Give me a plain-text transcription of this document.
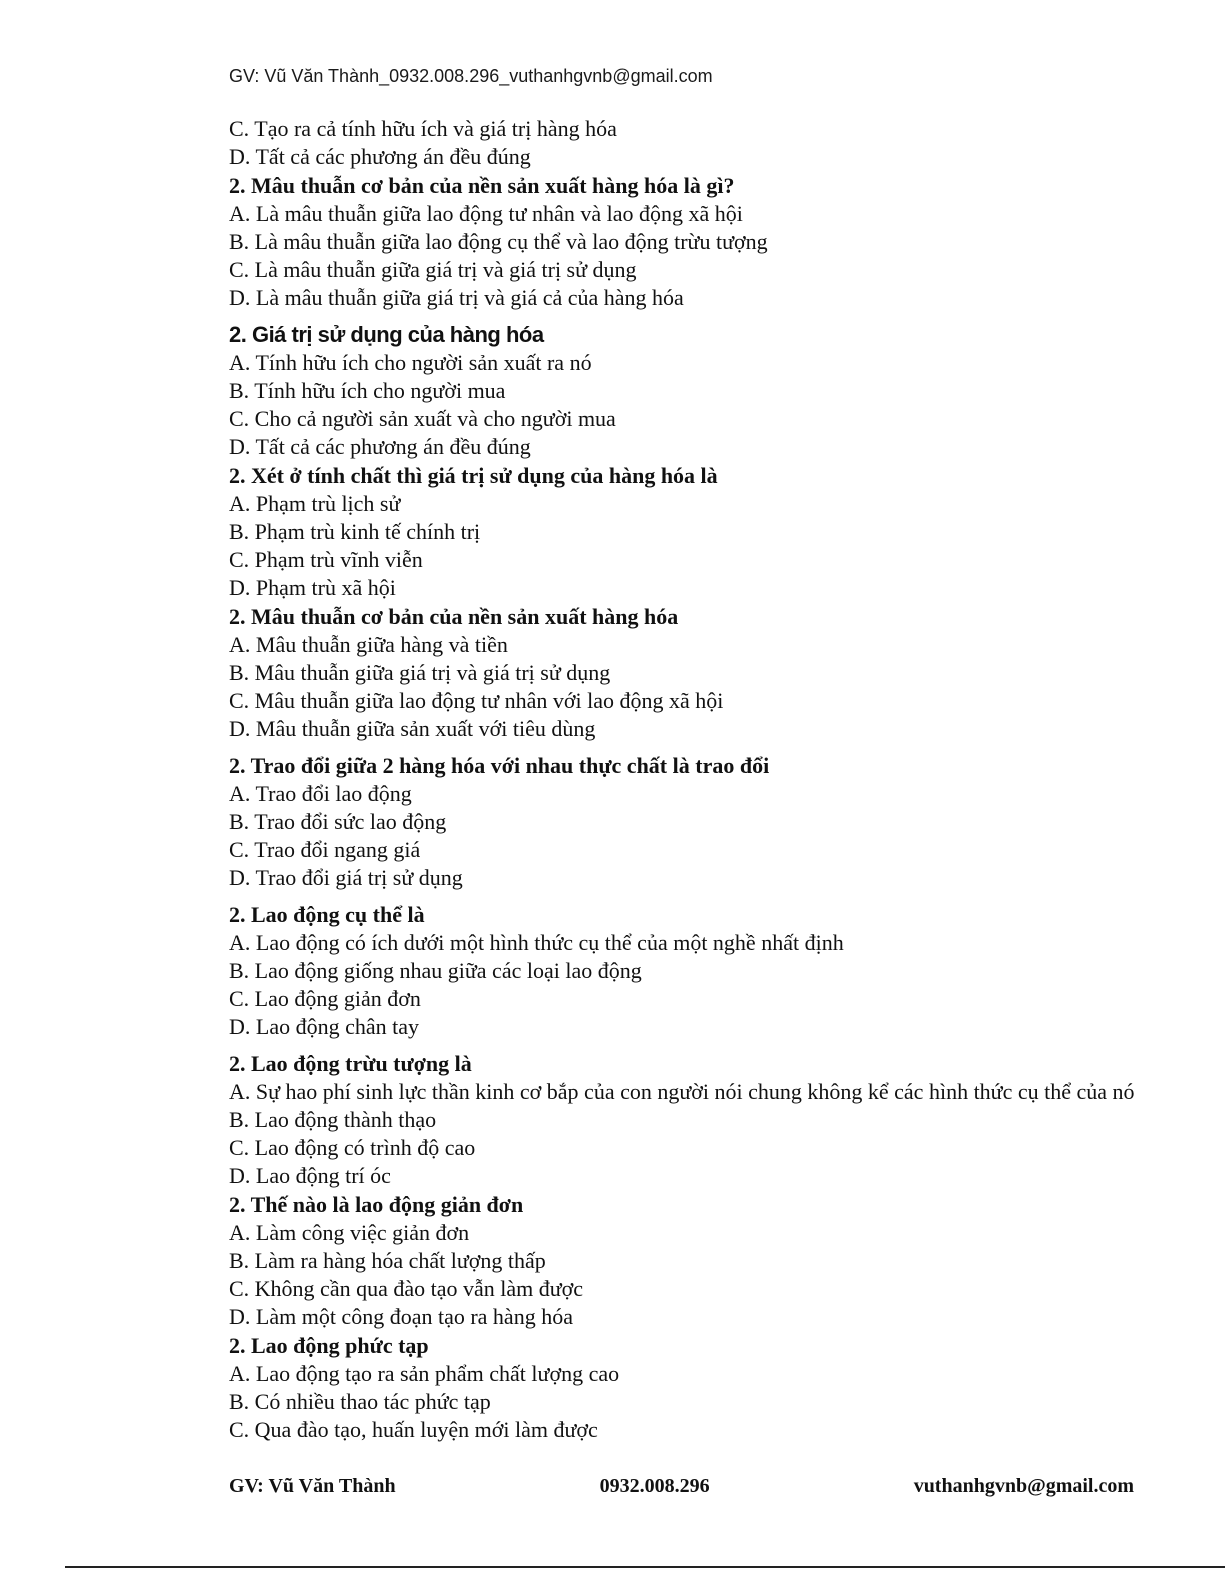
GV: Vũ Văn Thành_0932.008.296_vuthanhgvnb@gmail.com
C. Tạo ra cả tính hữu ích và giá trị hàng hóa
D. Tất cả các phương án đều đúng
2. Mâu thuẫn cơ bản của nền sản xuất hàng hóa là gì?
A. Là mâu thuẫn giữa lao động tư nhân và lao động xã hội
B. Là mâu thuẫn giữa lao động cụ thể và lao động trừu tượng
C. Là mâu thuẫn giữa giá trị và giá trị sử dụng
D. Là mâu thuẫn giữa giá trị và giá cả của hàng hóa
2. Giá trị sử dụng của hàng hóa
A. Tính hữu ích cho người sản xuất ra nó
B. Tính hữu ích cho người mua
C. Cho cả người sản xuất và cho người mua
D. Tất cả các phương án đều đúng
2. Xét ở tính chất thì giá trị sử dụng của hàng hóa là
A. Phạm trù lịch sử
B. Phạm trù kinh tế chính trị
C. Phạm trù vĩnh viễn
D. Phạm trù xã hội
2. Mâu thuẫn cơ bản của nền sản xuất hàng hóa
A. Mâu thuẫn giữa hàng và tiền
B. Mâu thuẫn giữa giá trị và giá trị sử dụng
C. Mâu thuẫn giữa lao động tư nhân với lao động xã hội
D. Mâu thuẫn giữa sản xuất với tiêu dùng
2. Trao đổi giữa 2 hàng hóa với nhau thực chất là trao đổi
A. Trao đổi lao động
B. Trao đổi sức lao động
C. Trao đổi ngang giá
D. Trao đổi giá trị sử dụng
2. Lao động cụ thể là
A. Lao động có ích dưới một hình thức cụ thể của một nghề nhất định
B. Lao động giống nhau giữa các loại lao động
C. Lao động giản đơn
D. Lao động chân tay
2. Lao động trừu tượng là
A. Sự hao phí sinh lực thần kinh cơ bắp của con người nói chung không kể các hình thức cụ thể của nó
B. Lao động thành thạo
C. Lao động có trình độ cao
D. Lao động trí óc
2. Thế nào là lao động giản đơn
A. Làm công việc giản đơn
B. Làm ra hàng hóa chất lượng thấp
C. Không cần qua đào tạo vẫn làm được
D. Làm một công đoạn tạo ra hàng hóa
2. Lao động phức tạp
A. Lao động tạo ra sản phẩm chất lượng cao
B. Có nhiều thao tác phức tạp
C. Qua đào tạo, huấn luyện mới làm được
GV: Vũ Văn Thành	0932.008.296	vuthanhgvnb@gmail.com
